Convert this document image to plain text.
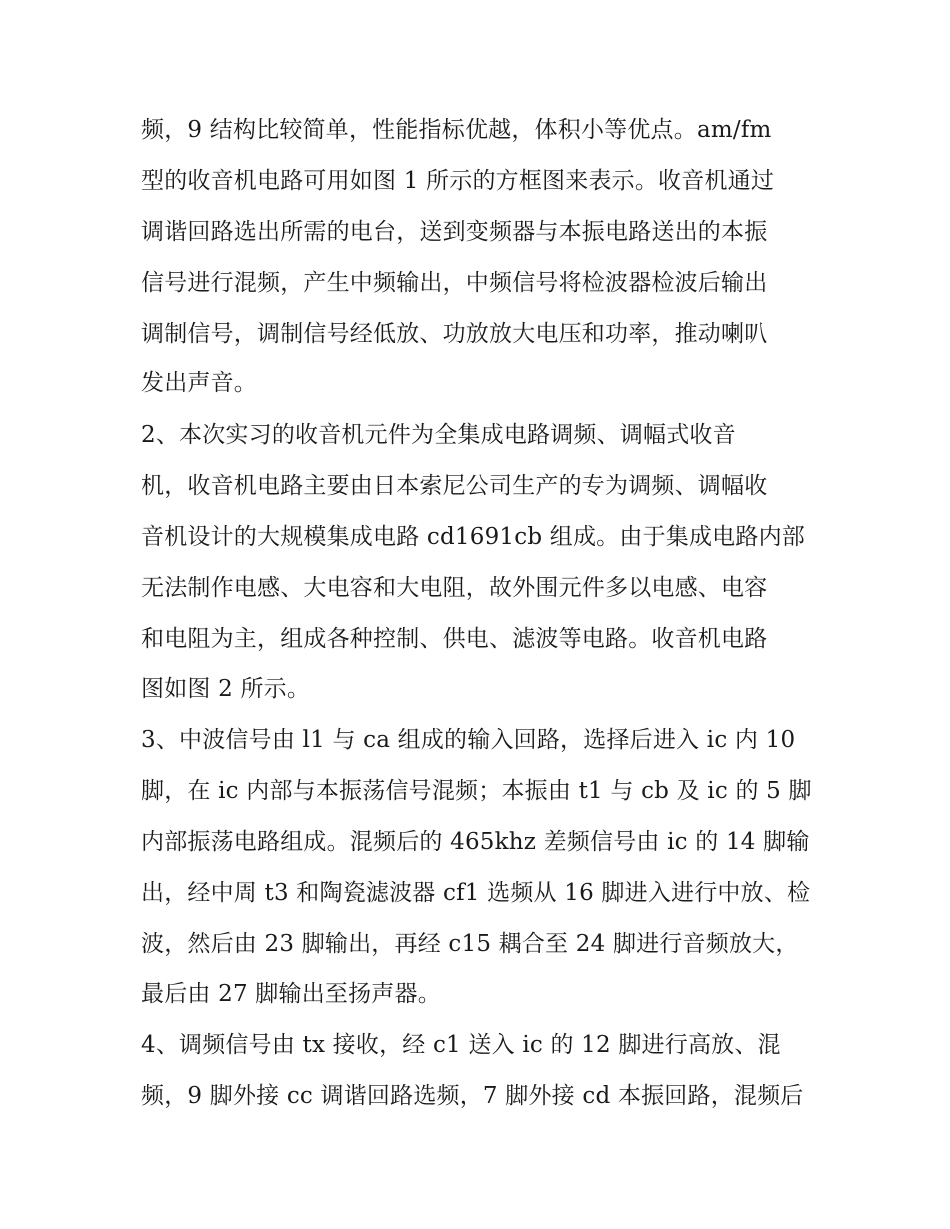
频，9 结构比较简单，性能指标优越，体积小等优点。am/fm
型的收音机电路可用如图 1 所示的方框图来表示。收音机通过
调谐回路选出所需的电台，送到变频器与本振电路送出的本振
信号进行混频，产生中频输出，中频信号将检波器检波后输出
调制信号，调制信号经低放、功放放大电压和功率，推动喇叭
发出声音。
2、本次实习的收音机元件为全集成电路调频、调幅式收音
机，收音机电路主要由日本索尼公司生产的专为调频、调幅收
音机设计的大规模集成电路 cd1691cb 组成。由于集成电路内部
无法制作电感、大电容和大电阻，故外围元件多以电感、电容
和电阻为主，组成各种控制、供电、滤波等电路。收音机电路
图如图 2 所示。
3、中波信号由 l1 与 ca 组成的输入回路，选择后进入 ic 内 10
脚，在 ic 内部与本振荡信号混频；本振由 t1 与 cb 及 ic 的 5 脚
内部振荡电路组成。混频后的 465khz 差频信号由 ic 的 14 脚输
出，经中周 t3 和陶瓷滤波器 cf1 选频从 16 脚进入进行中放、检
波，然后由 23 脚输出，再经 c15 耦合至 24 脚进行音频放大，
最后由 27 脚输出至扬声器。
4、调频信号由 tx 接收，经 c1 送入 ic 的 12 脚进行高放、混
频，9 脚外接 cc 调谐回路选频，7 脚外接 cd 本振回路，混频后
